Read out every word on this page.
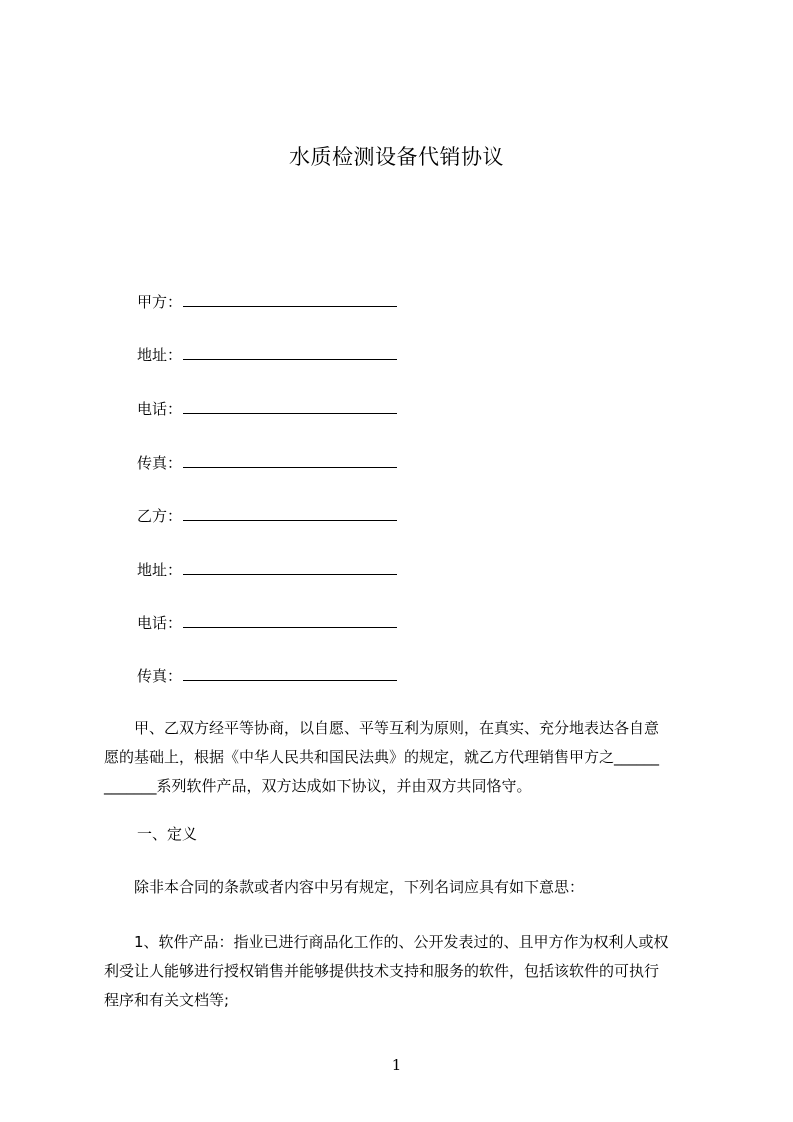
水质检测设备代销协议
甲方：
地址：
电话：
传真：
乙方：
地址：
电话：
传真：
　　甲、乙双方经平等协商，以自愿、平等互利为原则，在真实、充分地表达各自意
愿的基础上，根据《中华人民共和国民法典》的规定，就乙方代理销售甲方之______
_______系列软件产品，双方达成如下协议，并由双方共同恪守。
一、定义
　　除非本合同的条款或者内容中另有规定，下列名词应具有如下意思：
　　1、软件产品：指业已进行商品化工作的、公开发表过的、且甲方作为权利人或权
利受让人能够进行授权销售并能够提供技术支持和服务的软件，包括该软件的可执行
程序和有关文档等;
1
